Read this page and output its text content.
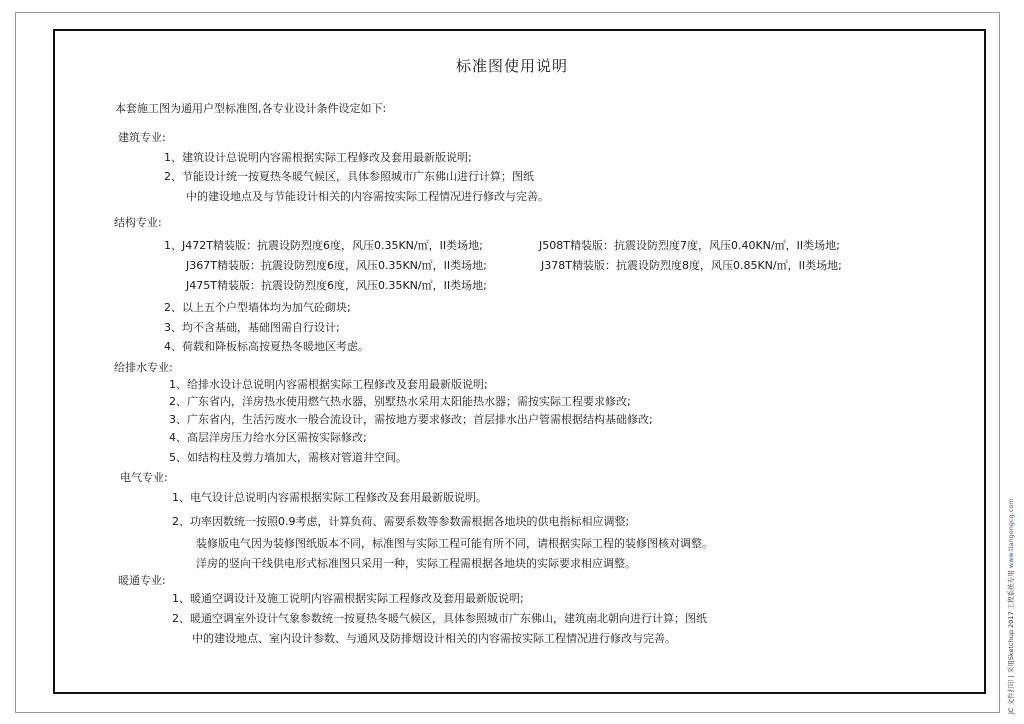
标准图使用说明
本套施工图为通用户型标准图,各专业设计条件设定如下:
建筑专业:
1、建筑设计总说明内容需根据实际工程修改及套用最新版说明;
2、节能设计统一按夏热冬暖气候区，具体参照城市广东佛山进行计算；图纸
中的建设地点及与节能设计相关的内容需按实际工程情况进行修改与完善。
结构专业:
1、J472T精装版：抗震设防烈度6度，风压0.35KN/㎡，II类场地;	J508T精装版：抗震设防烈度7度，风压0.40KN/㎡，II类场地;
J367T精装版：抗震设防烈度6度，风压0.35KN/㎡，II类场地;	J378T精装版：抗震设防烈度8度，风压0.85KN/㎡，II类场地;
J475T精装版：抗震设防烈度6度，风压0.35KN/㎡，II类场地;
2、以上五个户型墙体均为加气砼砌块;
3、均不含基础，基础图需自行设计;
4、荷载和降板标高按夏热冬暖地区考虑。
给排水专业:
1、给排水设计总说明内容需根据实际工程修改及套用最新版说明;
2、广东省内，洋房热水使用燃气热水器，别墅热水采用太阳能热水器；需按实际工程要求修改;
3、广东省内，生活污废水一般合流设计，需按地方要求修改；首层排水出户管需根据结构基础修改;
4、高层洋房压力给水分区需按实际修改;
5、如结构柱及剪力墙加大，需核对管道井空间。
电气专业:
1、电气设计总说明内容需根据实际工程修改及套用最新版说明。
2、功率因数统一按照0.9考虑，计算负荷、需要系数等参数需根据各地块的供电指标相应调整;
装修版电气因为装修图纸版本不同，标准图与实际工程可能有所不同，请根据实际工程的装修图核对调整。
洋房的竖向干线供电形式标准图只采用一种，实际工程需根据各地块的实际要求相应调整。
暖通专业:
1、暖通空调设计及施工说明内容需根据实际工程修改及套用最新版说明;
2、暖通空调室外设计气象参数统一按夏热冬暖气候区，具体参照城市广东佛山，建筑南北朝向进行计算；图纸
中的建设地点、室内设计参数、与通风及防排烟设计相关的内容需按实际工程情况进行修改与完善。	JC 文件打印 | 采用Sketchup 2017 工程系统专用 www.tiangongcg.com
